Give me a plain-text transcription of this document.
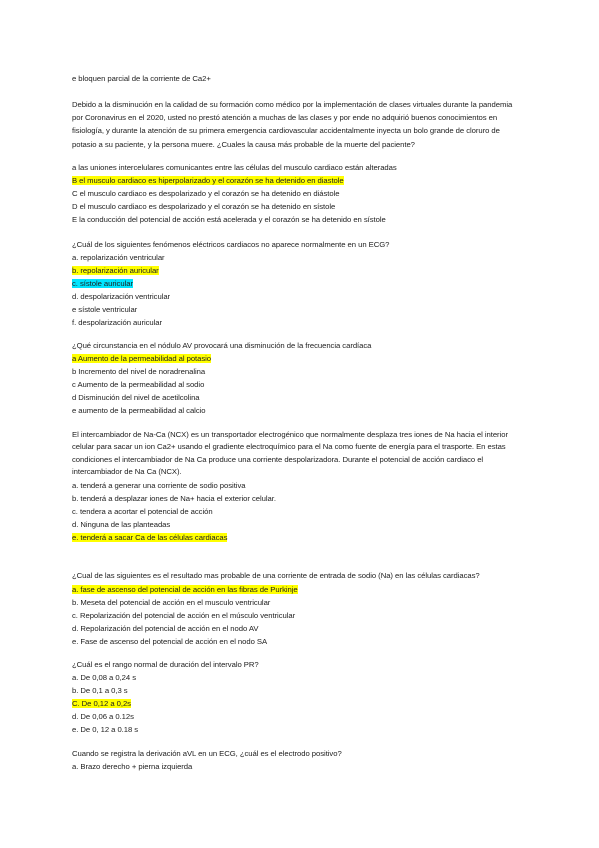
e bloquen parcial de la corriente de Ca2+
Debido a la disminución en la calidad de su formación como médico por la implementación de clases virtuales durante la pandemia por Coronavirus en el 2020, usted no prestó atención a muchas de las clases y por ende no adquirió buenos conocimientos en fisiología, y durante la atención de su primera emergencia cardiovascular accidentalmente inyecta un bolo grande de cloruro de potasio a su paciente, y la persona muere. ¿Cuales la causa más probable de la muerte del paciente?
a las uniones intercelulares comunicantes entre las células del musculo cardiaco están alteradas
B el musculo cardiaco es hiperpolarizado y el corazón se ha detenido en diastole
C el musculo cardiaco es despolarizado y el corazón se ha detenido en diástole
D el musculo cardiaco es despolarizado y el corazón se ha detenido en sístole
E la conducción del potencial de acción está acelerada y el corazón se ha detenido en sístole
¿Cuál de los siguientes fenómenos eléctricos cardiacos no aparece normalmente en un ECG?
a. repolarización ventricular
b. repolarización auricular
c. sístole auricular
d. despolarización ventricular
e sístole ventricular
f. despolarización auricular
¿Qué circunstancia en el nódulo AV provocará una disminución de la frecuencia cardíaca
a Aumento de la permeabilidad al potasio
b Incremento del nivel de noradrenalina
c Aumento de la permeabilidad al sodio
d Disminución del nivel de acetilcolina
e aumento de la permeabilidad al calcio
El intercambiador de Na-Ca (NCX) es un transportador electrogénico que normalmente desplaza tres iones de Na hacia el interior celular para sacar un ion Ca2+ usando el gradiente electroquímico para el Na como fuente de energía para el trasporte. En estas condiciones el intercambiador de Na Ca produce una corriente despolarizadora. Durante el potencial de acción cardiaco el intercambiador de Na Ca (NCX).
a. tenderá a generar una corriente de sodio positiva
b. tenderá a desplazar iones de Na+ hacia el exterior celular.
c. tendera a acortar el potencial de acción
d. Ninguna de las planteadas
e. tenderá a sacar Ca de las células cardiacas
¿Cual de las siguientes es el resultado mas probable de una corriente de entrada de sodio (Na) en las células cardiacas?
a. fase de ascenso del potencial de acción en las fibras de Purkinje
b. Meseta del potencial de acción en el musculo ventricular
c. Repolarización del potencial de acción en el músculo ventricular
d. Repolarización del potencial de acción en el nodo AV
e. Fase de ascenso del potencial de acción en el nodo SA
¿Cuál es el rango normal de duración del intervalo PR?
a. De 0,08 a 0,24 s
b. De 0,1 a 0,3 s
C. De 0,12 a 0,2s
d. De 0,06 a 0.12s
e. De 0, 12 a 0.18 s
Cuando se registra la derivación aVL en un ECG, ¿cuál es el electrodo positivo?
a. Brazo derecho + pierna izquierda
